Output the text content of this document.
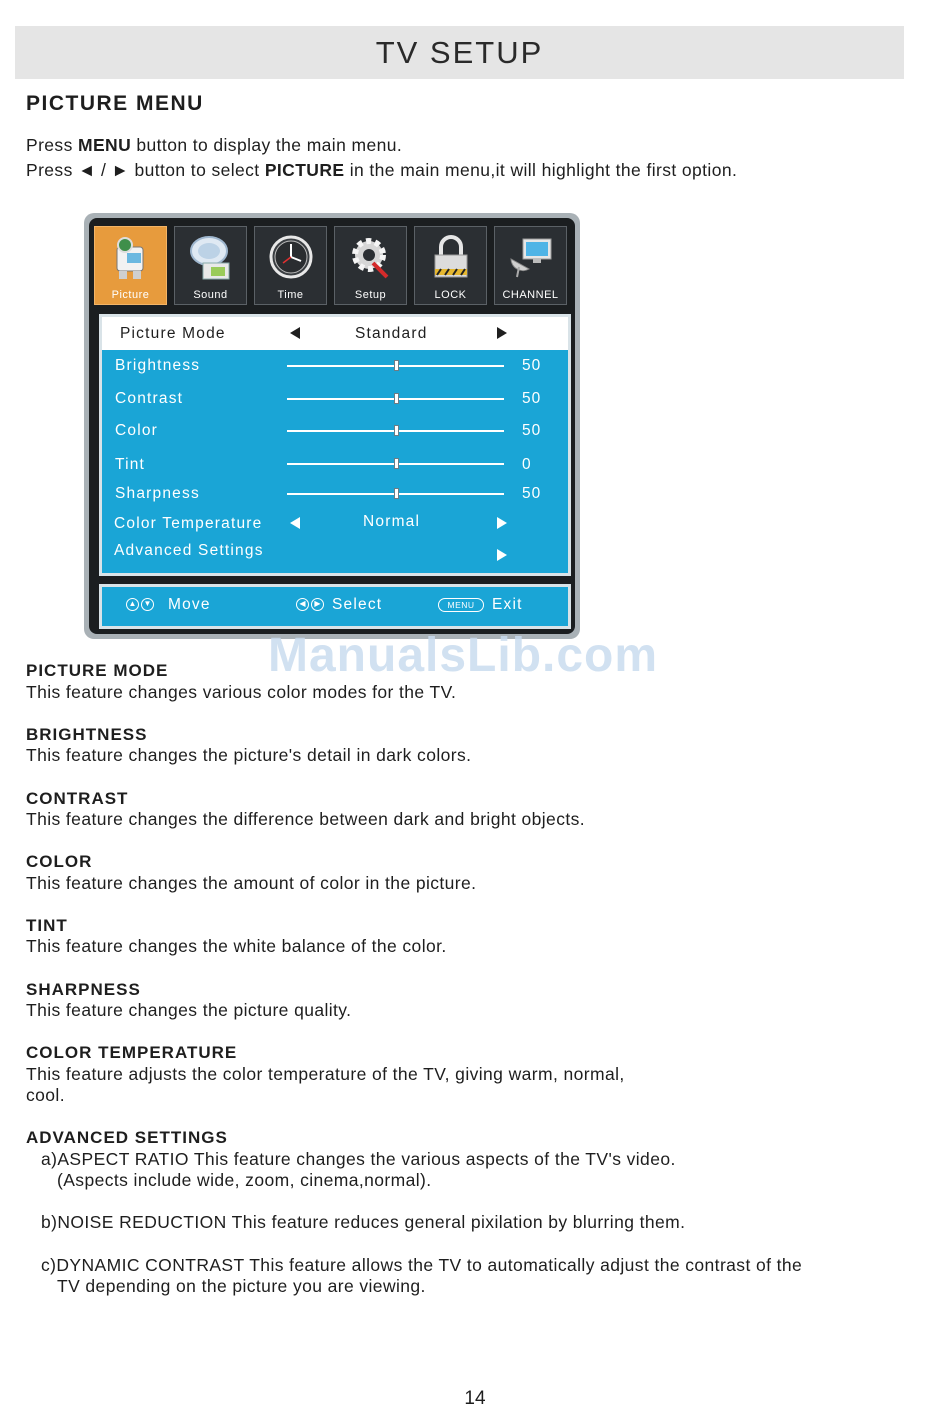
TV SETUP
PICTURE MENU
Press MENU button to display the main menu.
Press ◄ / ► button to select PICTURE in the main menu,it will highlight the first option.
Picture	Sound	Time	Setup	LOCK	CHANNEL
Picture Mode	Standard
Brightness	50
Contrast	50
Color	50
Tint	0
Sharpness	50
Color Temperature	Normal
Advanced Settings
▲ ▼ Move	◀	▶ Select	MENU	Exit
ManualsLib.com
PICTURE MODE
This feature changes various color modes for the TV.
BRIGHTNESS
This feature changes the picture's detail in dark colors.
CONTRAST
This feature changes the difference between dark and bright objects.
COLOR
This feature changes the amount of color in the picture.
TINT
This feature changes the white balance of the color.
SHARPNESS
This feature changes the picture quality.
COLOR TEMPERATURE
This feature adjusts the color temperature of the TV, giving warm, normal,
cool.
ADVANCED SETTINGS
a)ASPECT RATIO This feature changes the various aspects of the TV's video.
(Aspects include wide, zoom, cinema,normal).
b)NOISE REDUCTION This feature reduces general pixilation by blurring them.
c)DYNAMIC CONTRAST This feature allows the TV to automatically adjust the contrast of the
TV depending on the picture you are viewing.
14
